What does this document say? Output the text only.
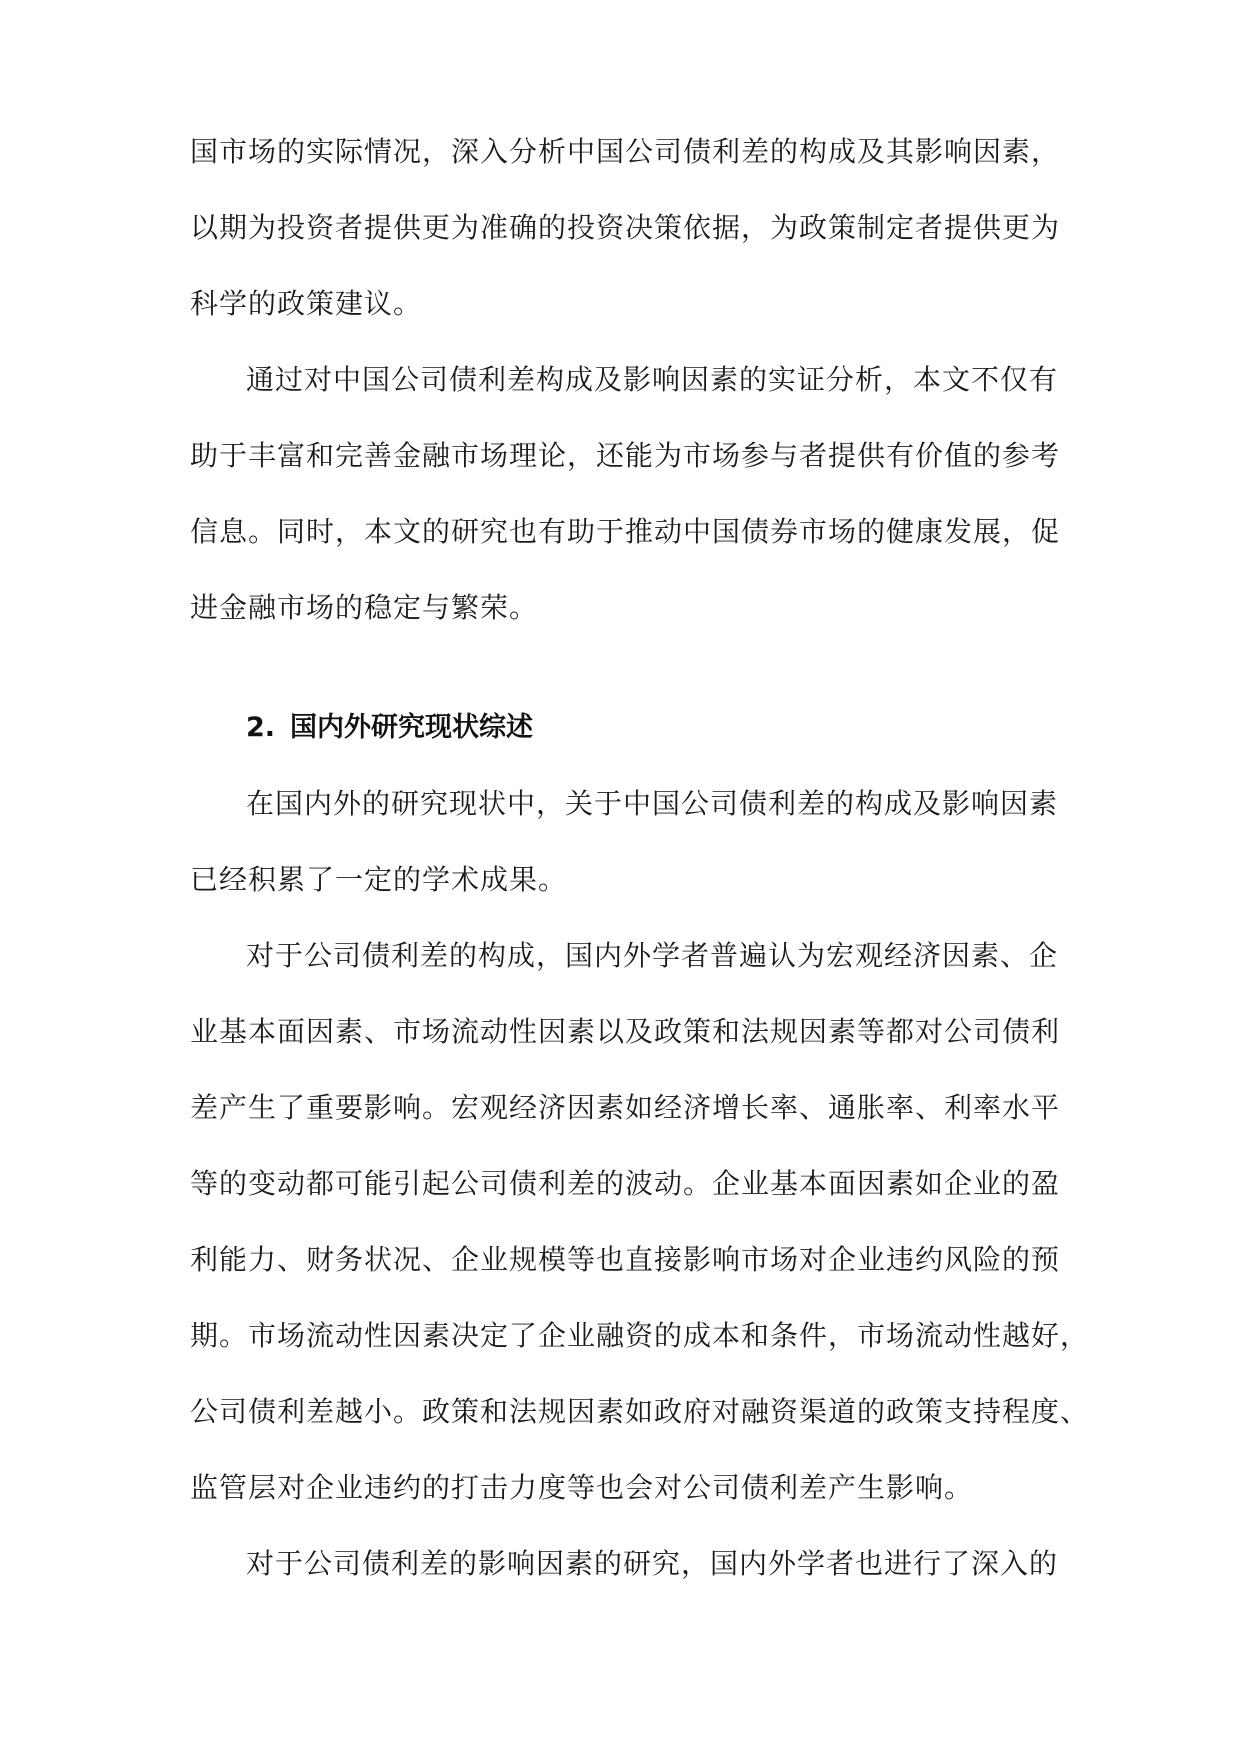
国市场的实际情况，深入分析中国公司债利差的构成及其影响因素，
以期为投资者提供更为准确的投资决策依据，为政策制定者提供更为
科学的政策建议。
通过对中国公司债利差构成及影响因素的实证分析，本文不仅有
助于丰富和完善金融市场理论，还能为市场参与者提供有价值的参考
信息。同时，本文的研究也有助于推动中国债券市场的健康发展，促
进金融市场的稳定与繁荣。
2. 国内外研究现状综述
在国内外的研究现状中，关于中国公司债利差的构成及影响因素
已经积累了一定的学术成果。
对于公司债利差的构成，国内外学者普遍认为宏观经济因素、企
业基本面因素、市场流动性因素以及政策和法规因素等都对公司债利
差产生了重要影响。宏观经济因素如经济增长率、通胀率、利率水平
等的变动都可能引起公司债利差的波动。企业基本面因素如企业的盈
利能力、财务状况、企业规模等也直接影响市场对企业违约风险的预
期。市场流动性因素决定了企业融资的成本和条件，市场流动性越好，
公司债利差越小。政策和法规因素如政府对融资渠道的政策支持程度、
监管层对企业违约的打击力度等也会对公司债利差产生影响。
对于公司债利差的影响因素的研究，国内外学者也进行了深入的
